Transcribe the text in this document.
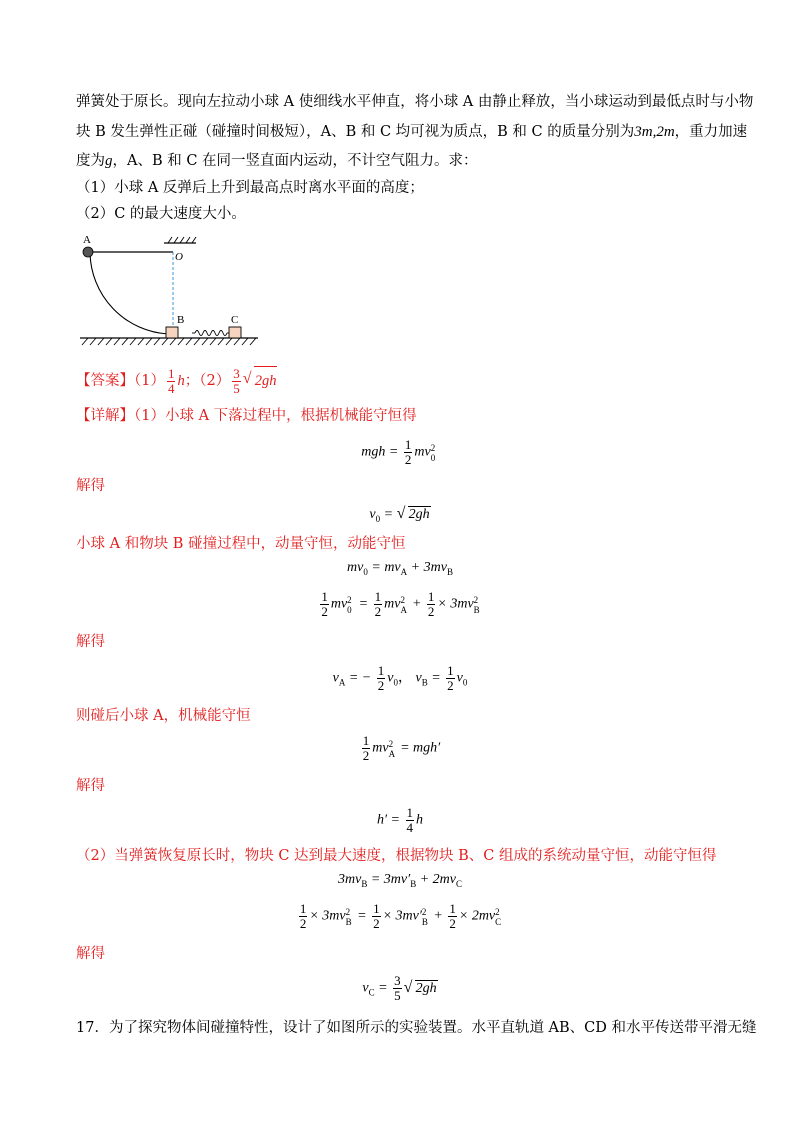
弹簧处于原长。现向左拉动小球 A 使细线水平伸直，将小球 A 由静止释放，当小球运动到最低点时与小物
块 B 发生弹性正碰（碰撞时间极短），A、B 和 C 均可视为质点，B 和 C 的质量分别为3m,2m，重力加速
度为g，A、B 和 C 在同一竖直面内运动，不计空气阻力。求：
（1）小球 A 反弹后上升到最高点时离水平面的高度；
（2）C 的最大速度大小。
A
O
B	C
【答案】$(1) \frac{1}{4}$ h；$(2) \frac{3}{5}$ √ 2gh
【详解】（1）小球 A 下落过程中，根据机械能守恒得
mgh = $\frac{1}{2}$ mv 2
0
解得
$v_0$ = √ 2gh
小球 A 和物块 B 碰撞过程中，动量守恒，动能守恒
$mv_0 = mv_A + 3mv_B$
$\frac{1}{2}$ mv 2
$0 = \frac{1}{2}$ mv 2
$A + \frac{1}{2} \times 3mv$ 2
B
解得
$v_A$ = − $\frac{1}{2} v_0$， $v_B = \frac{1}{2} v_0$
则碰后小球 A，机械能守恒
$\frac{1}{2}$ mv 2
A = mgh′
解得
$h' = \frac{1}{4}$ h
（2）当弹簧恢复原长时，物块 C 达到最大速度，根据物块 B、C 组成的系统动量守恒，动能守恒得
$3mv_B = 3mv'_B + 2mv_C$
$\frac{1}{2} \times 3mv$ 2
$B = \frac{1}{2} \times 3mv'$ 2
$B + \frac{1}{2} \times 2mv$ 2
C
解得
$v_C = \frac{3}{5}$ √ 2gh
17．为了探究物体间碰撞特性，设计了如图所示的实验装置。水平直轨道 AB、CD 和水平传送带平滑无缝
